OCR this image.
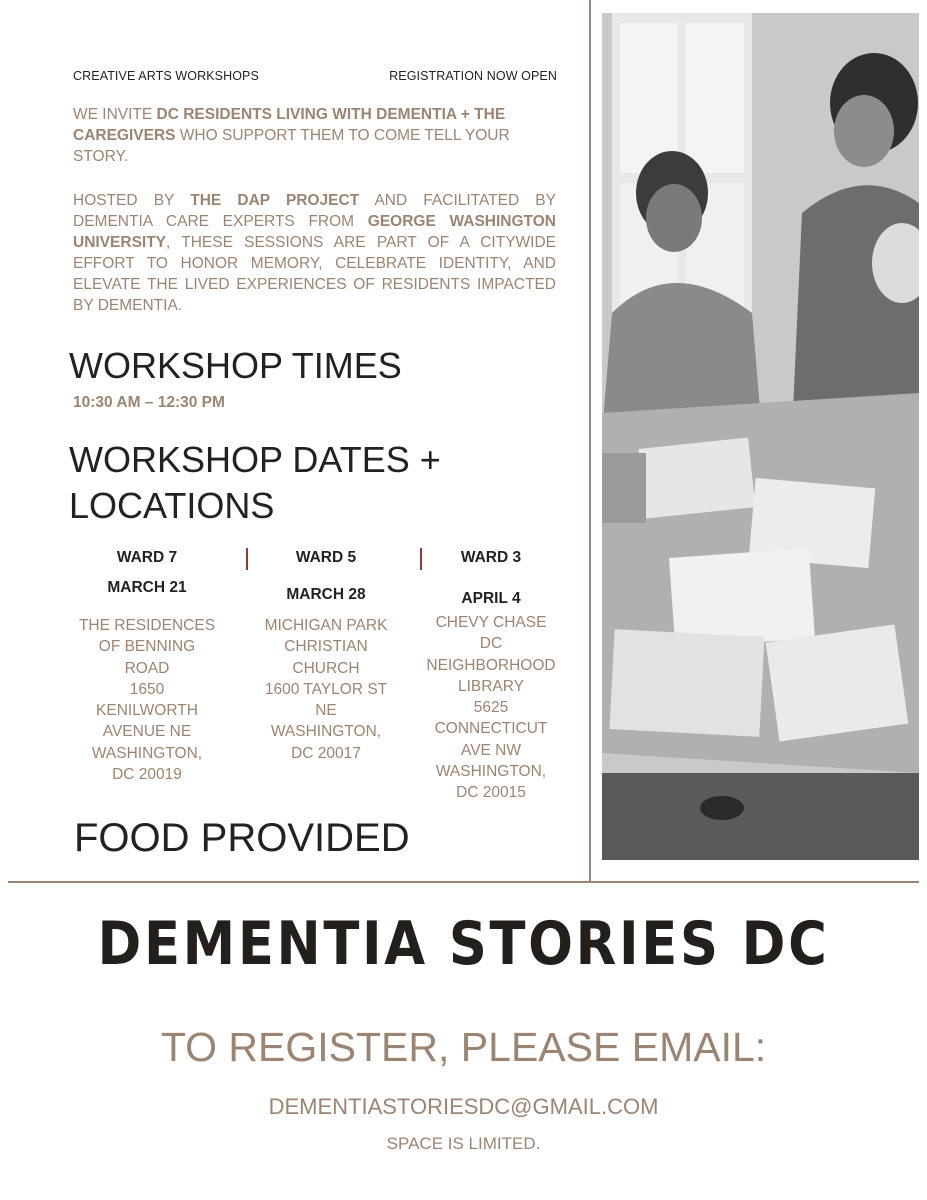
CREATIVE ARTS WORKSHOPS	REGISTRATION NOW OPEN
WE INVITE DC RESIDENTS LIVING WITH DEMENTIA + THE CAREGIVERS WHO SUPPORT THEM TO COME TELL YOUR STORY.
HOSTED BY THE DAP PROJECT AND FACILITATED BY DEMENTIA CARE EXPERTS FROM GEORGE WASHINGTON UNIVERSITY, THESE SESSIONS ARE PART OF A CITYWIDE EFFORT TO HONOR MEMORY, CELEBRATE IDENTITY, AND ELEVATE THE LIVED EXPERIENCES OF RESIDENTS IMPACTED BY DEMENTIA.
WORKSHOP TIMES
10:30 AM – 12:30 PM
WORKSHOP DATES + LOCATIONS
WARD 7
MARCH 21
THE RESIDENCES
OF BENNING
ROAD
1650
KENILWORTH
AVENUE NE
WASHINGTON,
DC 20019
WARD 5
MARCH 28
MICHIGAN PARK
CHRISTIAN
CHURCH
1600 TAYLOR ST
NE
WASHINGTON,
DC 20017
WARD 3
APRIL 4
CHEVY CHASE
DC
NEIGHBORHOOD
LIBRARY
5625
CONNECTICUT
AVE NW
WASHINGTON,
DC 20015
FOOD PROVIDED
DEMENTIA STORIES DC
TO REGISTER, PLEASE EMAIL:
DEMENTIASTORIESDC@GMAIL.COM
SPACE IS LIMITED.
